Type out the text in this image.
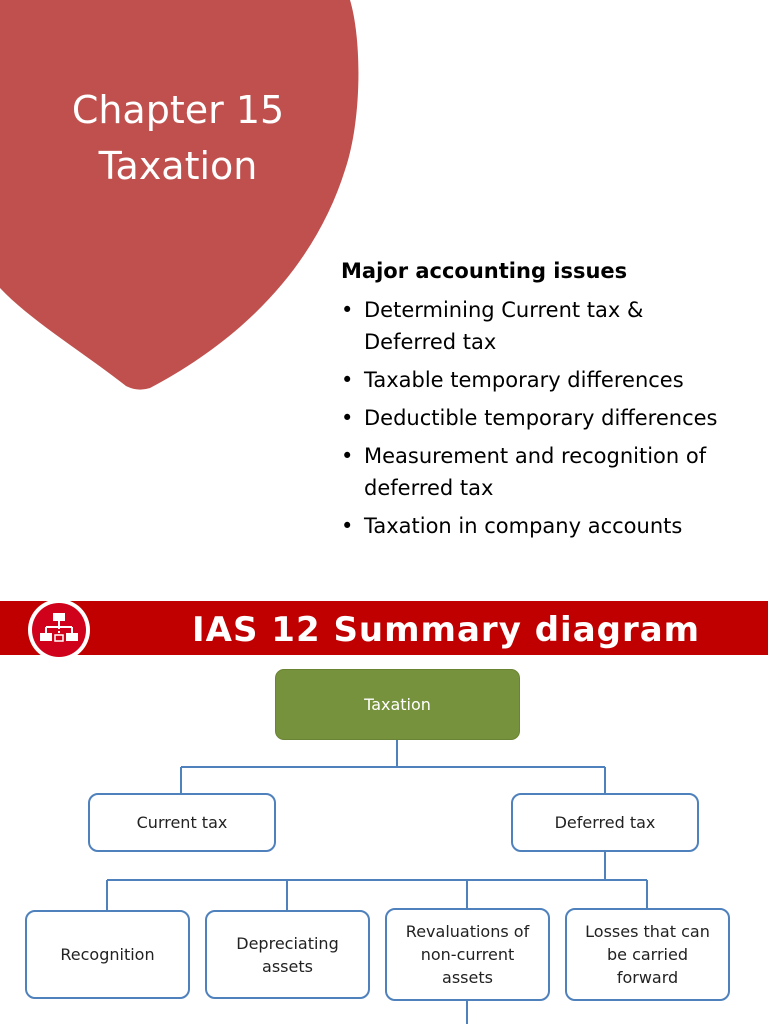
Chapter 15
Taxation
Major accounting issues
• Determining Current tax &
Deferred tax
• Taxable temporary differences
• Deductible temporary differences
• Measurement and recognition of
deferred tax
• Taxation in company accounts
IAS 12 Summary diagram
Taxation
Current tax	Deferred tax
Recognition
Depreciating
assets
Revaluations of
non-current
assets
Losses that can
be carried
forward
